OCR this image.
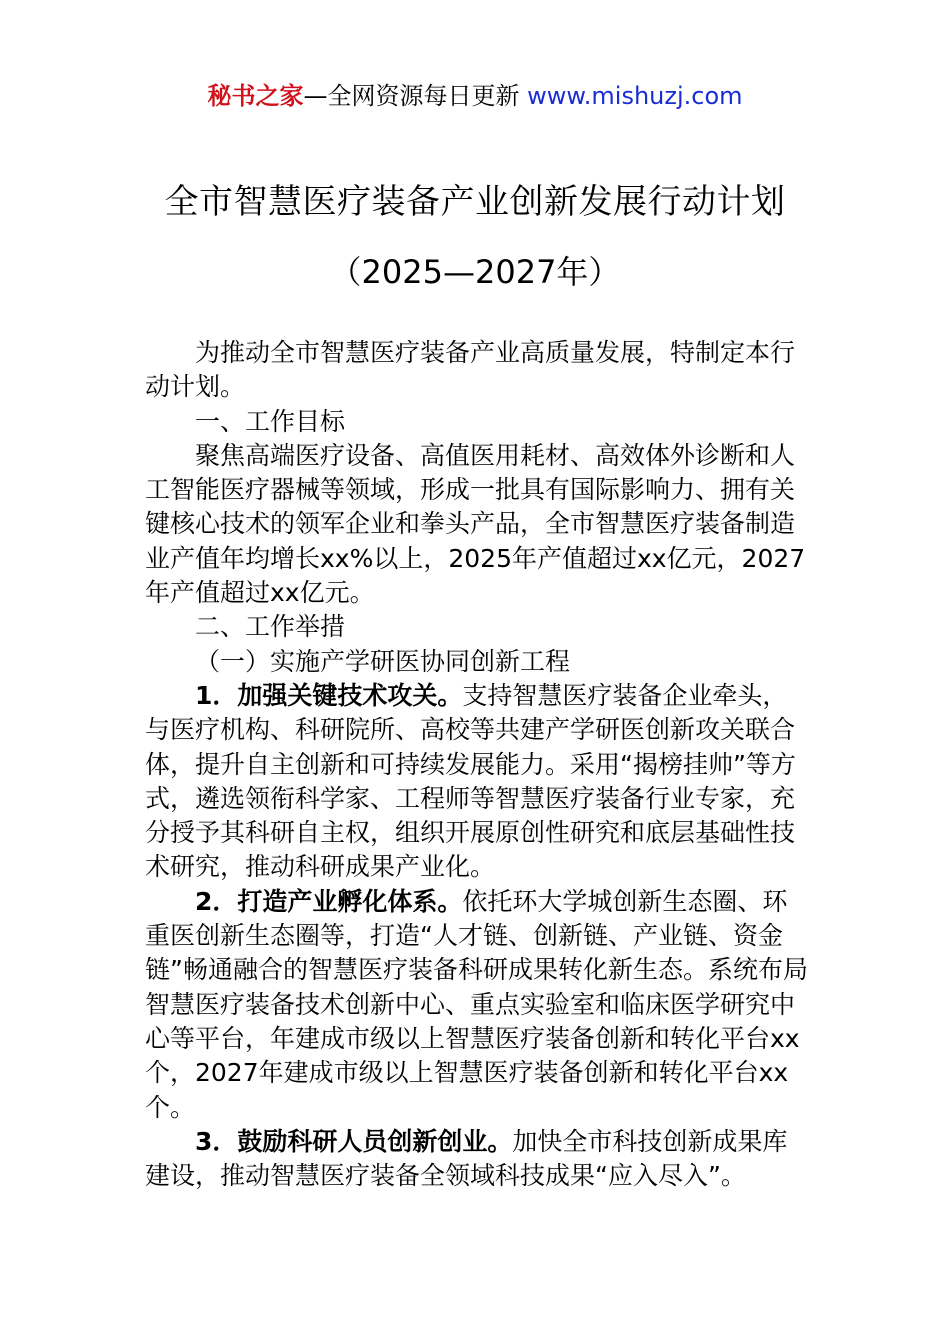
秘书之家—全网资源每日更新 www.mishuzj.com
全市智慧医疗装备产业创新发展行动计划
（2025—2027年）

为推动全市智慧医疗装备产业高质量发展，特制定本行动计划。

一、工作目标

聚焦高端医疗设备、高值医用耗材、高效体外诊断和人工智能医疗器械等领域，形成一批具有国际影响力、拥有关键核心技术的领军企业和拳头产品，全市智慧医疗装备制造业产值年均增长xx%以上，2025年产值超过xx亿元，2027年产值超过xx亿元。

二、工作举措

（一）实施产学研医协同创新工程

1．加强关键技术攻关。支持智慧医疗装备企业牵头，与医疗机构、科研院所、高校等共建产学研医创新攻关联合体，提升自主创新和可持续发展能力。采用“揭榜挂帅”等方式，遴选领衔科学家、工程师等智慧医疗装备行业专家，充分授予其科研自主权，组织开展原创性研究和底层基础性技术研究，推动科研成果产业化。

2．打造产业孵化体系。依托环大学城创新生态圈、环重医创新生态圈等，打造“人才链、创新链、产业链、资金链”畅通融合的智慧医疗装备科研成果转化新生态。系统布局智慧医疗装备技术创新中心、重点实验室和临床医学研究中心等平台，年建成市级以上智慧医疗装备创新和转化平台xx个，2027年建成市级以上智慧医疗装备创新和转化平台xx个。

3．鼓励科研人员创新创业。加快全市科技创新成果库建设，推动智慧医疗装备全领域科技成果“应入尽入”。
